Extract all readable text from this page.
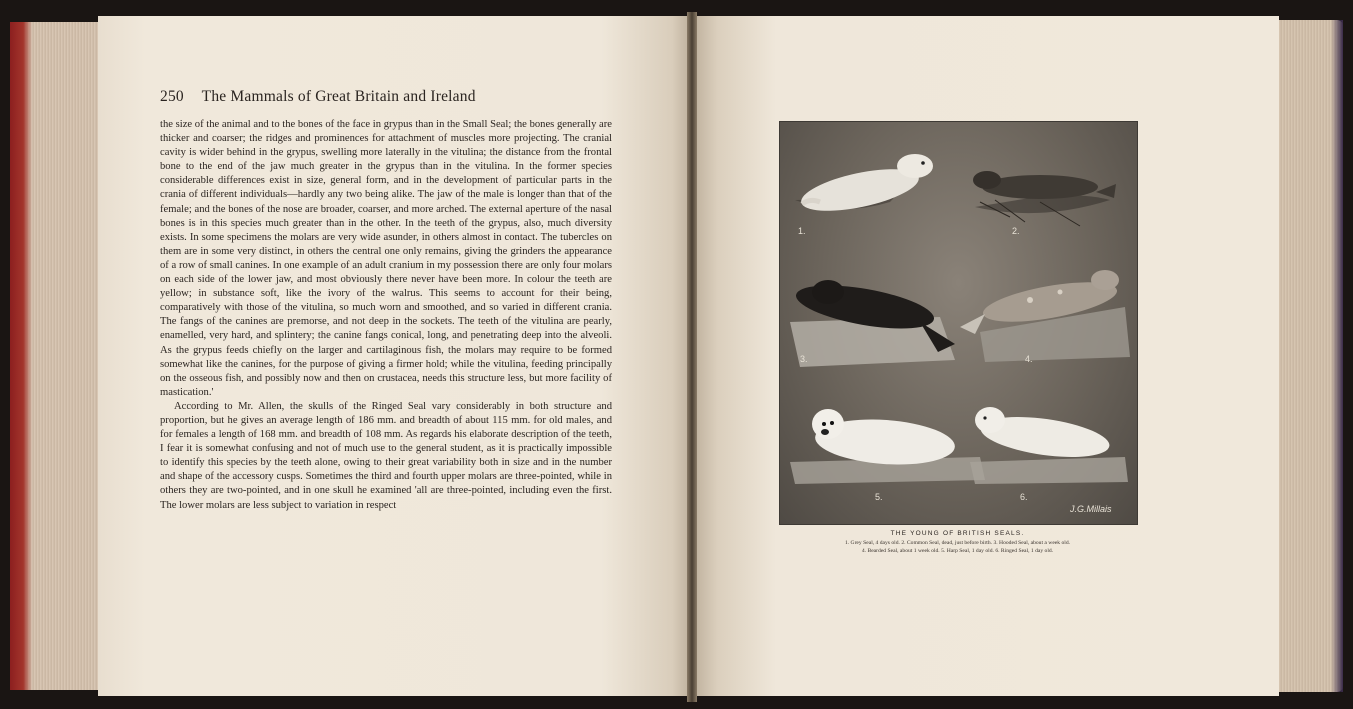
250 The Mammals of Great Britain and Ireland

the size of the animal and to the bones of the face in grypus than in the Small Seal; the bones generally are thicker and coarser; the ridges and prominences for attachment of muscles more projecting. The cranial cavity is wider behind in the grypus, swelling more laterally in the vitulina; the distance from the frontal bone to the end of the jaw much greater in the grypus than in the vitulina. In the former species considerable differences exist in size, general form, and in the development of particular parts in the crania of different individuals—hardly any two being alike. The jaw of the male is longer than that of the female; and the bones of the nose are broader, coarser, and more arched. The external aperture of the nasal bones is in this species much greater than in the other. In the teeth of the grypus, also, much diversity exists. In some specimens the molars are very wide asunder, in others almost in contact. The tubercles on them are in some very distinct, in others the central one only remains, giving the grinders the appearance of a row of small canines. In one example of an adult cranium in my possession there are only four molars on each side of the lower jaw, and most obviously there never have been more. In colour the teeth are yellow; in substance soft, like the ivory of the walrus. This seems to account for their being, comparatively with those of the vitulina, so much worn and smoothed, and so varied in different crania. The fangs of the canines are premorse, and not deep in the sockets. The teeth of the vitulina are pearly, enamelled, very hard, and splintery; the canine fangs conical, long, and penetrating deep into the alveoli. As the grypus feeds chiefly on the larger and cartilaginous fish, the molars may require to be formed somewhat like the canines, for the purpose of giving a firmer hold; while the vitulina, feeding principally on the osseous fish, and possibly now and then on crustacea, needs this structure less, but more facility of mastication.'

According to Mr. Allen, the skulls of the Ringed Seal vary considerably in both structure and proportion, but he gives an average length of 186 mm. and breadth of about 115 mm. for old males, and for females a length of 168 mm. and breadth of 108 mm. As regards his elaborate description of the teeth, I fear it is somewhat confusing and not of much use to the general student, as it is practically impossible to identify this species by the teeth alone, owing to their great variability both in size and in the number and shape of the accessory cusps. Sometimes the third and fourth upper molars are three-pointed, while in others they are two-pointed, and in one skull he examined 'all are three-pointed, including even the first. The lower molars are less subject to variation in respect

1.	2.
3.	4.
5.	6.
J.G.Millais
THE YOUNG OF BRITISH SEALS.
1. Grey Seal, 4 days old. 2. Common Seal, dead, just before birth. 3. Hooded Seal, about a week old.
4. Bearded Seal, about 1 week old. 5. Harp Seal, 1 day old. 6. Ringed Seal, 1 day old.
